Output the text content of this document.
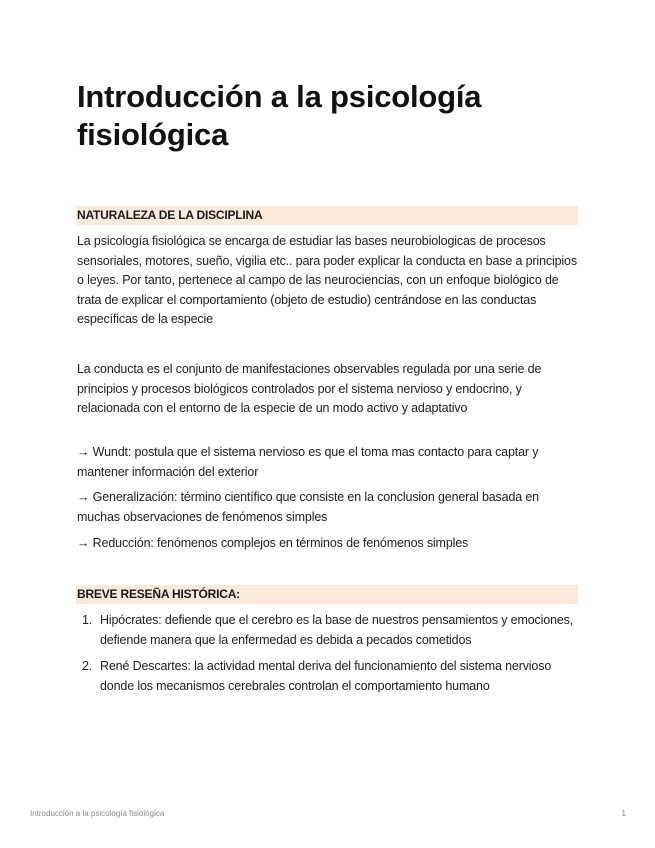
Introducción a la psicología fisiológica
NATURALEZA DE LA DISCIPLINA

La psicología fisiológica se encarga de estudiar las bases neurobiologicas de procesos sensoriales, motores, sueño, vigilia etc.. para poder explicar la conducta en base a principios o leyes. Por tanto, pertenece al campo de las neurociencias, con un enfoque biológico de trata de explicar el comportamiento (objeto de estudio) centrándose en las conductas específicas de la especie

La conducta es el conjunto de manifestaciones observables regulada por una serie de principios y procesos biológicos controlados por el sistema nervioso y endocrino, y relacionada con el entorno de la especie de un modo activo y adaptativo

→ Wundt: postula que el sistema nervioso es que el toma mas contacto para captar y mantener información del exterior

→ Generalización: término científico que consiste en la conclusion general basada en muchas observaciones de fenómenos simples

→ Reducción: fenómenos complejos en términos de fenómenos simples

BREVE RESEÑA HISTÓRICA:
1. Hipócrates: defiende que el cerebro es la base de nuestros pensamientos y emociones, defiende manera que la enfermedad es debida a pecados cometidos
2. René Descartes: la actividad mental deriva del funcionamiento del sistema nervioso donde los mecanismos cerebrales controlan el comportamiento humano
Introducción a la psicología fisiológica	1
